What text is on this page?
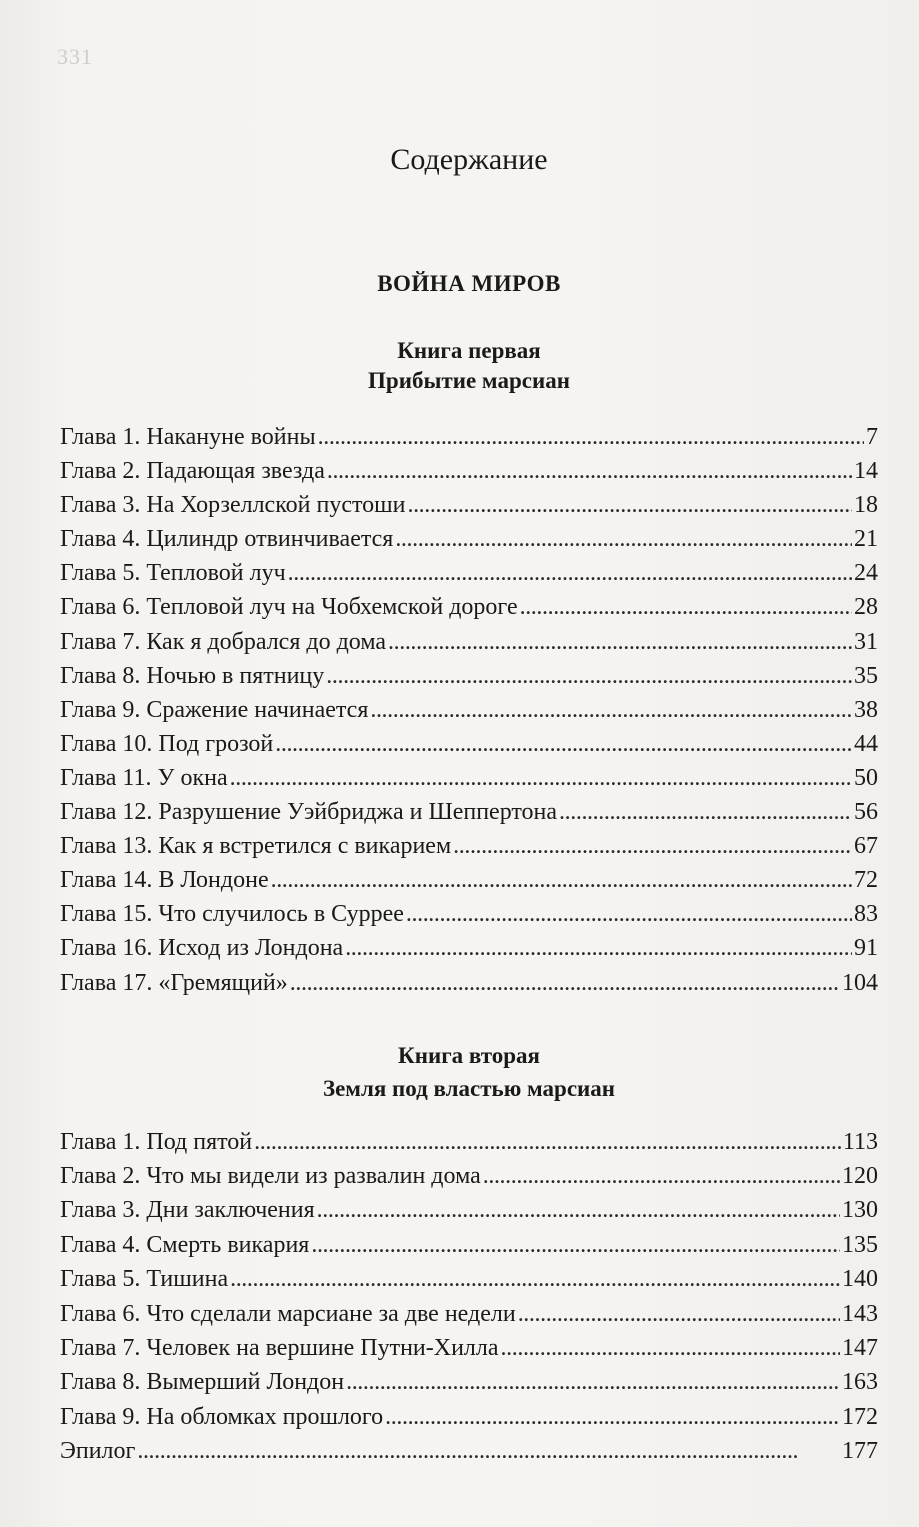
331
Содержание
ВОЙНА МИРОВ
Книга первая
Прибытие марсиан
Глава 1. Накануне войны . . .	7
Глава 2. Падающая звезда . . .	14
Глава 3. На Хорзеллской пустоши . . .	18
Глава 4. Цилиндр отвинчивается . . .	21
Глава 5. Тепловой луч . . .	24
Глава 6. Тепловой луч на Чобхемской дороге . . .	28
Глава 7. Как я добрался до дома . . .	31
Глава 8. Ночью в пятницу . . .	35
Глава 9. Сражение начинается . . .	38
Глава 10. Под грозой . . .	44
Глава 11. У окна . . .	50
Глава 12. Разрушение Уэйбриджа и Шеппертона . . .	56
Глава 13. Как я встретился с викарием . . .	67
Глава 14. В Лондоне . . .	72
Глава 15. Что случилось в Суррее . . .	83
Глава 16. Исход из Лондона . . .	91
Глава 17. «Гремящий» . . .	104
Книга вторая
Земля под властью марсиан
Глава 1. Под пятой . . .	113
Глава 2. Что мы видели из развалин дома . . .	120
Глава 3. Дни заключения . . .	130
Глава 4. Смерть викария . . .	135
Глава 5. Тишина . . .	140
Глава 6. Что сделали марсиане за две недели . . .	143
Глава 7. Человек на вершине Путни-Хилла . . .	147
Глава 8. Вымерший Лондон . . .	163
Глава 9. На обломках прошлого . . .	172
Эпилог . . .	177
